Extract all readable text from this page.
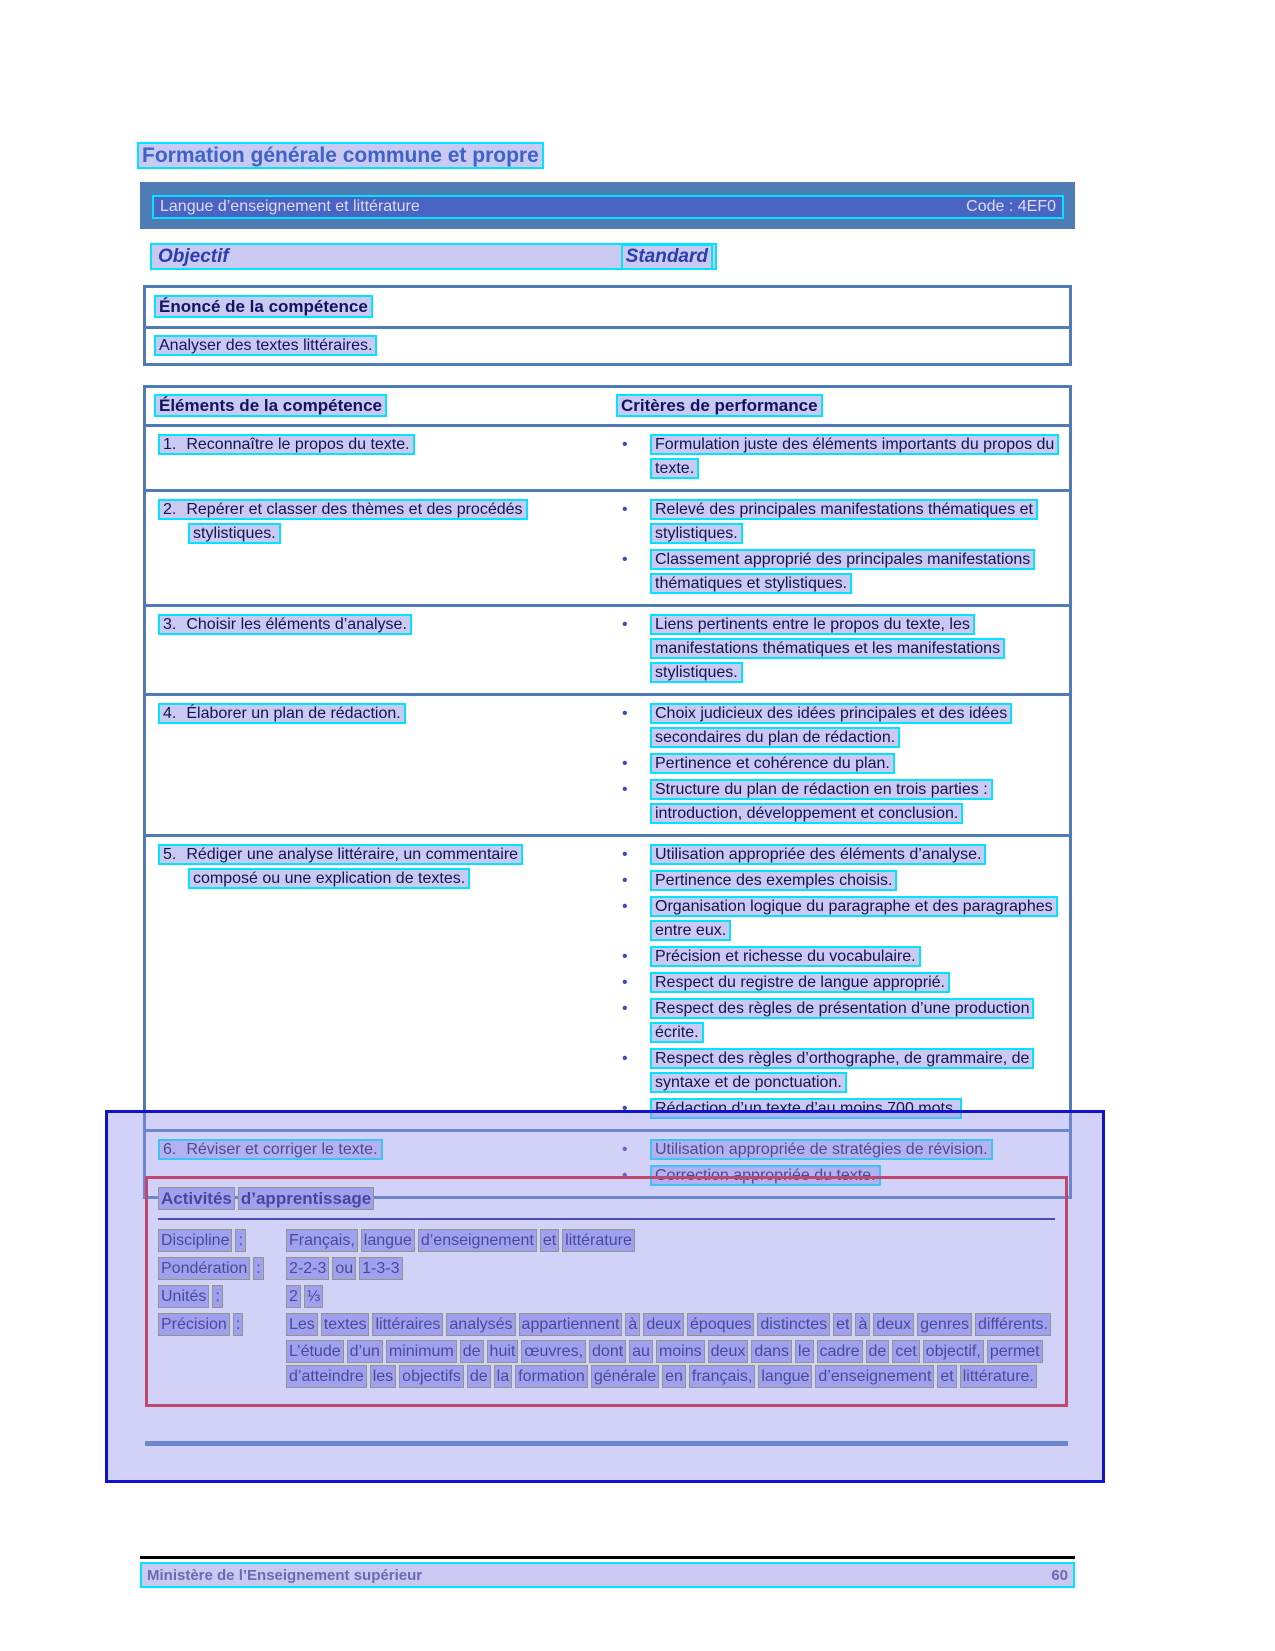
Formation générale commune et propre
Langue d’enseignement et littérature	Code : 4EF0
Objectif	Standard
Énoncé de la compétence
Analyser des textes littéraires.
Éléments de la compétence	Critères de performance
1. Reconnaître le propos du texte.	• Formulation juste des éléments importants du propos du texte.
2. Repérer et classer des thèmes et des procédés stylistiques.
• Relevé des principales manifestations thématiques et stylistiques.
• Classement approprié des principales manifestations thématiques et stylistiques.
3. Choisir les éléments d’analyse.	• Liens pertinents entre le propos du texte, les manifestations thématiques et les manifestations stylistiques.
4. Élaborer un plan de rédaction.	• Choix judicieux des idées principales et des idées secondaires du plan de rédaction.
• Pertinence et cohérence du plan.
• Structure du plan de rédaction en trois parties : introduction, développement et conclusion.
5. Rédiger une analyse littéraire, un commentaire composé ou une explication de textes.
• Utilisation appropriée des éléments d’analyse.
• Pertinence des exemples choisis.
• Organisation logique du paragraphe et des paragraphes entre eux.
• Précision et richesse du vocabulaire.
• Respect du registre de langue approprié.
• Respect des règles de présentation d’une production écrite.
• Respect des règles d’orthographe, de grammaire, de syntaxe et de ponctuation.
• Rédaction d’un texte d’au moins 700 mots.
6. Réviser et corriger le texte.	• Utilisation appropriée de stratégies de révision.
• Correction appropriée du texte.
Activités d’apprentissage
Discipline :	Français, langue d’enseignement et littérature
Pondération :	2-2-3 ou 1-3-3
Unités :	2 ⅓
Précision :	Les textes littéraires analysés appartiennent à deux époques distinctes et à deux genres différents.

L’étude d’un minimum de huit œuvres, dont au moins deux dans le cadre de cet objectif, permetd’atteindre les objectifs de la formation générale en français, langue d’enseignement et littérature.

Ministère de l’Enseignement supérieur	60
